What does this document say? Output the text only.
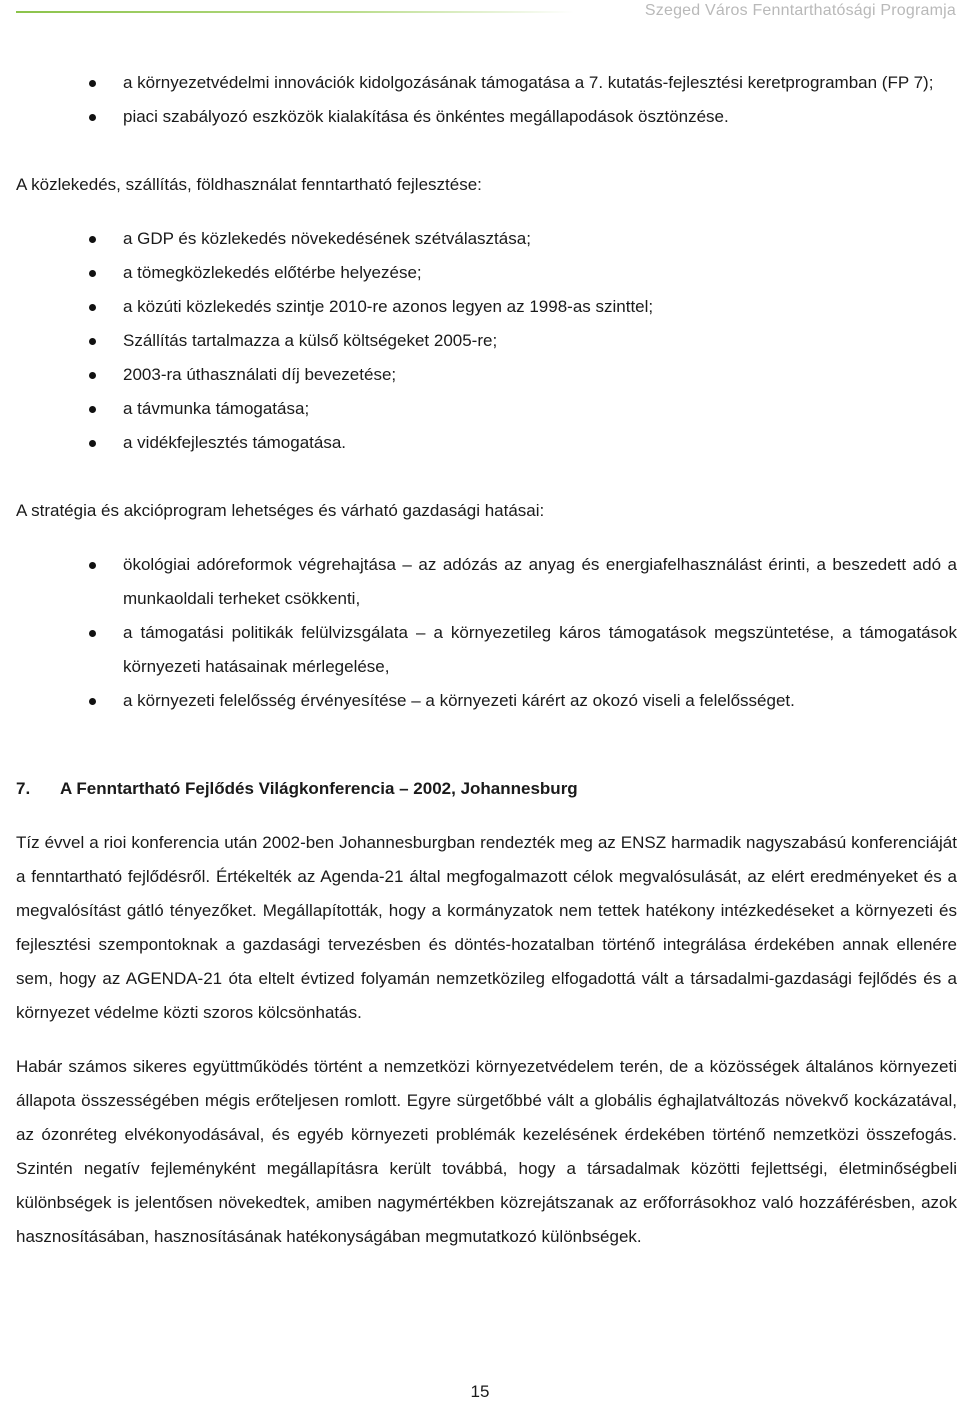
Szeged Város Fenntarthatósági Programja
a környezetvédelmi innovációk kidolgozásának támogatása a 7. kutatás-fejlesztési keretprogramban (FP 7);
piaci szabályozó eszközök kialakítása és önkéntes megállapodások ösztönzése.

A közlekedés, szállítás, földhasználat fenntartható fejlesztése:

a GDP és közlekedés növekedésének szétválasztása;
a tömegközlekedés előtérbe helyezése;
a közúti közlekedés szintje 2010-re azonos legyen az 1998-as szinttel;
Szállítás tartalmazza a külső költségeket 2005-re;
2003-ra úthasználati díj bevezetése;
a távmunka támogatása;
a vidékfejlesztés támogatása.

A stratégia és akcióprogram lehetséges és várható gazdasági hatásai:

ökológiai adóreformok végrehajtása – az adózás az anyag és energiafelhasználást érinti, a beszedett adó a munkaoldali terheket csökkenti,
a támogatási politikák felülvizsgálata – a környezetileg káros támogatások megszüntetése, a támogatások környezeti hatásainak mérlegelése,
a környezeti felelősség érvényesítése – a környezeti kárért az okozó viseli a felelősséget.
7. A Fenntartható Fejlődés Világkonferencia – 2002, Johannesburg

Tíz évvel a rioi konferencia után 2002-ben Johannesburgban rendezték meg az ENSZ harmadik nagyszabású konferenciáját a fenntartható fejlődésről. Értékelték az Agenda-21 által megfogalmazott célok megvalósulását, az elért eredményeket és a megvalósítást gátló tényezőket. Megállapították, hogy a kormányzatok nem tettek hatékony intézkedéseket a környezeti és fejlesztési szempontoknak a gazdasági tervezésben és döntés-hozatalban történő integrálása érdekében annak ellenére sem, hogy az AGENDA-21 óta eltelt évtized folyamán nemzetközileg elfogadottá vált a társadalmi-gazdasági fejlődés és a környezet védelme közti szoros kölcsönhatás.

Habár számos sikeres együttműködés történt a nemzetközi környezetvédelem terén, de a közösségek általános környezeti állapota összességében mégis erőteljesen romlott. Egyre sürgetőbbé vált a globális éghajlatváltozás növekvő kockázatával, az ózonréteg elvékonyodásával, és egyéb környezeti problémák kezelésének érdekében történő nemzetközi összefogás. Szintén negatív fejleményként megállapításra került továbbá, hogy a társadalmak közötti fejlettségi, életminőségbeli különbségek is jelentősen növekedtek, amiben nagymértékben közrejátszanak az erőforrásokhoz való hozzáférésben, azok hasznosításában, hasznosításának hatékonyságában megmutatkozó különbségek.

15
